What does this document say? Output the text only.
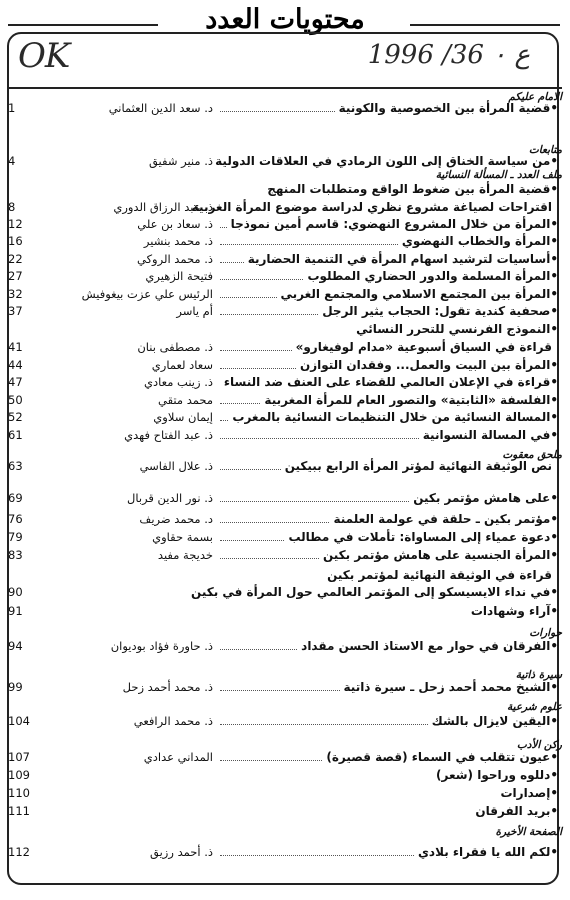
محتويات العدد
OK	ع ٠ 36/ 1996
الامام عليكم
•قضية المرأة بين الخصوصية والكونية
د. سعد الدين العثماني
1
متابعات
•من سياسة الخناق إلى اللون الرمادي في العلاقات الدولية
ذ. منير شفيق
4
ملف العدد ـ المسألة النسائية
•قضية المرأة بين ضغوط الواقع ومتطلبات المنهج
اقتراحات لصياغة مشروع نظري لدراسة موضوع المرأة الغربية
ذ. عبد الرزاق الدوري
8
•المرأة من خلال المشروع النهضوي: قاسم أمين نموذجا
ذ. سعاد بن علي
12
•المرأة والخطاب النهضوي
ذ. محمد بنشير
16
•أساسيات لترشيد اسهام المرأة في التنمية الحضارية
ذ. محمد الروكي
22
•المرأة المسلمة والدور الحضاري المطلوب
فتيحة الزهيري
27
•المرأة بين المجتمع الاسلامي والمجتمع الغربي
الرئيس علي عزت بيغوفيش
32
•صحفية كندية تقول: الحجاب يثير الرجل
أم ياسر
37
•النموذج الفرنسي للتحرر النسائي
قراءة في السياق أسبوعية «مدام لوفيغارو»
ذ. مصطفى بنان
41
•المرأة بين البيت والعمل... وفقدان التوازن
سعاد لعماري
44
•قراءة في الإعلان العالمي للقضاء على العنف ضد النساء
ذ. زينب معادي
47
•الفلسفة «الثابتية» والتصور العام للمرأة المغربية
محمد متقي
50
•المسالة النسائية من خلال التنظيمات النسائية بالمغرب
إيمان سلاوي
52
•في المسالة النسوانية
ذ. عبد الفتاح فهدي
61
ملحق معقوت
نص الوثيقة النهائية لمؤتر المرأة الرابع ببيكين
ذ. علال الفاسي
63
•على هامش مؤتمر بكين
ذ. نور الدين قربال
69
•مؤتمر بكين ـ حلقة في عولمة العلمنة
د. محمد ضريف
76
•دعوة عمياء إلى المساواة: تأملات في مطالب
بسمة حقاوي
79
•المرأة الجنسية على هامش مؤتمر بكين
خديجة مفيد
83
قراءة في الوثيقة النهائية لمؤتمر بكين
•في نداء الايسيسكو إلى المؤتمر العالمي حول المرأة في بكين
90
•آراء وشهادات
91
حوارات
•الفرقان في حوار مع الاستاذ الحسن مقداد
ذ. حاورة فؤاد بوديوان
94
سيرة ذاتية
•الشيخ محمد أحمد زحل ـ سيرة ذاتية
ذ. محمد أحمد زحل
99
علوم شرعية
•اليقين لايزال بالشك
ذ. محمد الرافعي
104
ركن الأدب
•عيون تتقلب في السماء (قصة قصيرة)
المداني عدادي
107
•دللوه وراحوا (شعر)
109
•إصدارات
110
•بريد الفرقان
111
الصفحة الأخيرة
•لكم الله يا فقراء بلادي
ذ. أحمد رزيق
112
